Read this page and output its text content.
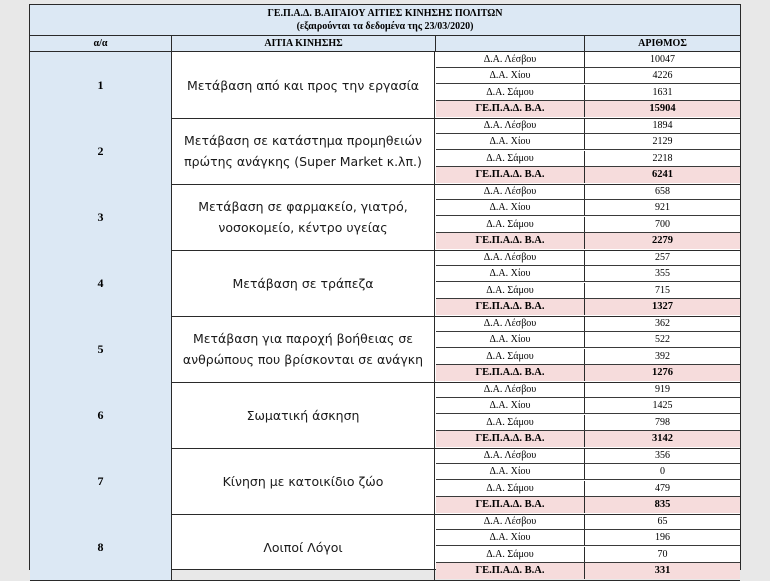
ΓΕ.Π.Α.Δ. Β.ΑΙΓΑΙΟΥ ΑΙΤΙΕΣ ΚΙΝΗΣΗΣ ΠΟΛΙΤΩΝ
(εξαιρούνται τα δεδομένα της 23/03/2020)
α/α	ΑΙΤΙΑ ΚΙΝΗΣΗΣ	ΑΡΙΘΜΟΣ
1	Μετάβαση από και προς την εργασία
Δ.Α. Λέσβου	10047
Δ.Α. Χίου	4226
Δ.Α. Σάμου	1631
ΓΕ.Π.Α.Δ. Β.Α.	15904
2
Μετάβαση σε κατάστημα προμηθειών πρώτης ανάγκης (Super Market κ.λπ.)
Δ.Α. Λέσβου	1894
Δ.Α. Χίου	2129
Δ.Α. Σάμου	2218
ΓΕ.Π.Α.Δ. Β.Α.	6241
3
Μετάβαση σε φαρμακείο, γιατρό, νοσοκομείο, κέντρο υγείας
Δ.Α. Λέσβου	658
Δ.Α. Χίου	921
Δ.Α. Σάμου	700
ΓΕ.Π.Α.Δ. Β.Α.	2279
4	Μετάβαση σε τράπεζα
Δ.Α. Λέσβου	257
Δ.Α. Χίου	355
Δ.Α. Σάμου	715
ΓΕ.Π.Α.Δ. Β.Α.	1327
5
Μετάβαση για παροχή βοήθειας σε ανθρώπους που βρίσκονται σε ανάγκη
Δ.Α. Λέσβου	362
Δ.Α. Χίου	522
Δ.Α. Σάμου	392
ΓΕ.Π.Α.Δ. Β.Α.	1276
6	Σωματική άσκηση
Δ.Α. Λέσβου	919
Δ.Α. Χίου	1425
Δ.Α. Σάμου	798
ΓΕ.Π.Α.Δ. Β.Α.	3142
7	Κίνηση με κατοικίδιο ζώο
Δ.Α. Λέσβου	356
Δ.Α. Χίου	0
Δ.Α. Σάμου	479
ΓΕ.Π.Α.Δ. Β.Α.	835
8	Λοιποί Λόγοι
Δ.Α. Λέσβου	65
Δ.Α. Χίου	196
Δ.Α. Σάμου	70
ΓΕ.Π.Α.Δ. Β.Α.	331
